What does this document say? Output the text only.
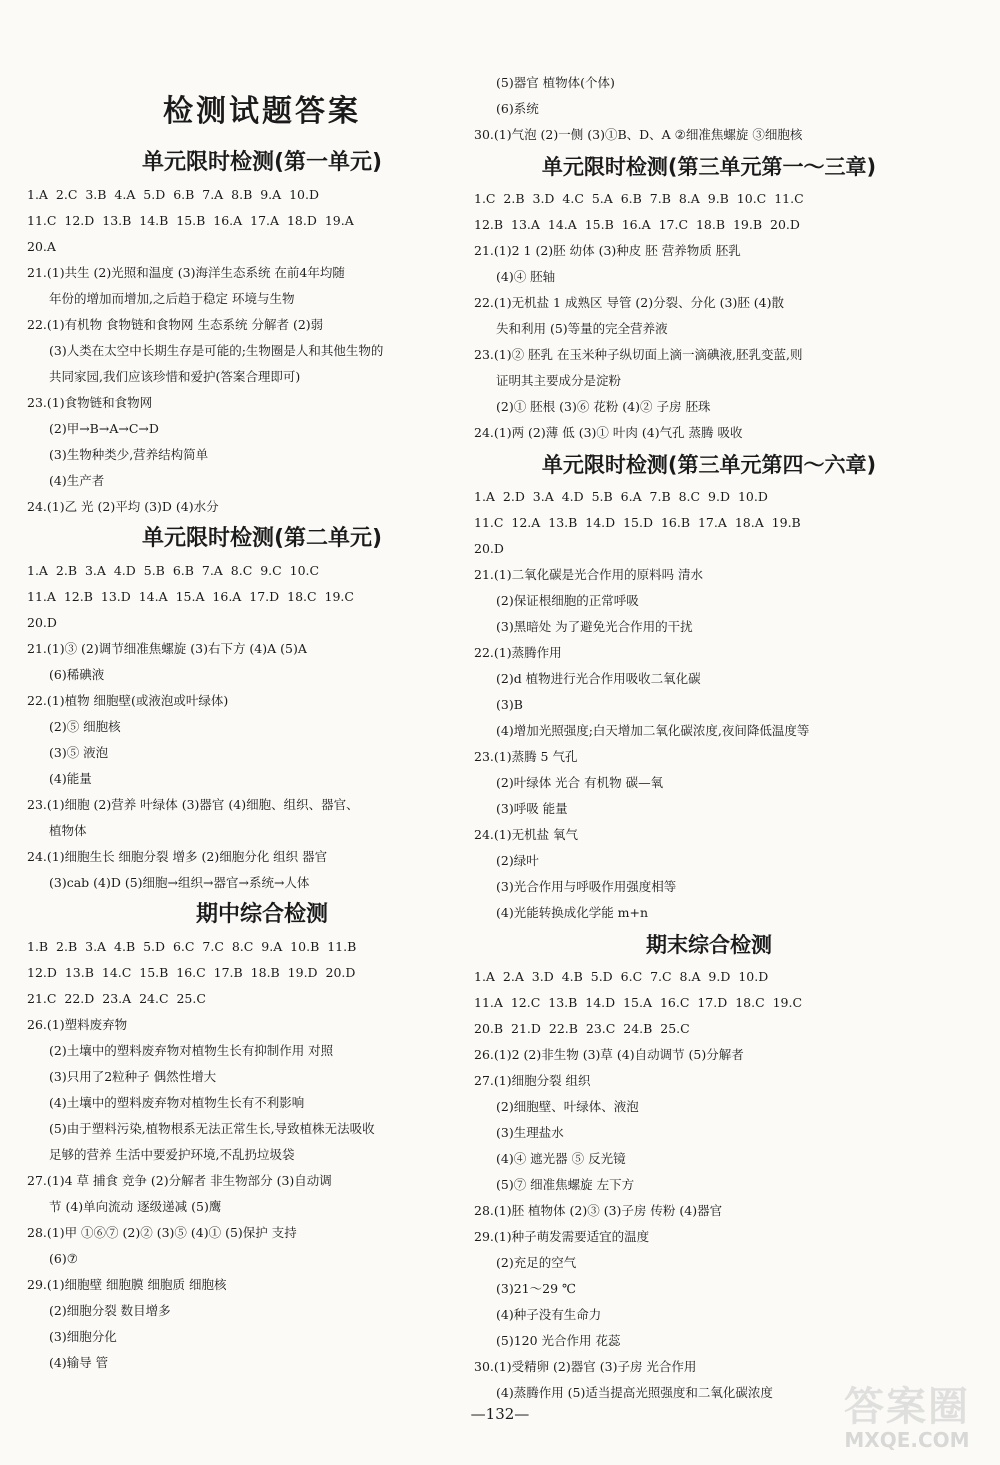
检测试题答案
单元限时检测(第一单元)
1.A  2.C  3.B  4.A  5.D  6.B  7.A  8.B  9.A  10.D
11.C  12.D  13.B  14.B  15.B  16.A  17.A  18.D  19.A
20.A
21.(1)共生 (2)光照和温度 (3)海洋生态系统 在前4年均随
年份的增加而增加,之后趋于稳定 环境与生物
22.(1)有机物 食物链和食物网 生态系统 分解者 (2)弱
(3)人类在太空中长期生存是可能的;生物圈是人和其他生物的
共同家园,我们应该珍惜和爱护(答案合理即可)
23.(1)食物链和食物网
(2)甲→B→A→C→D
(3)生物种类少,营养结构简单
(4)生产者
24.(1)乙 光 (2)平均 (3)D (4)水分
单元限时检测(第二单元)
1.A  2.B  3.A  4.D  5.B  6.B  7.A  8.C  9.C  10.C
11.A  12.B  13.D  14.A  15.A  16.A  17.D  18.C  19.C
20.D
21.(1)③ (2)调节细准焦螺旋 (3)右下方 (4)A (5)A
(6)稀碘液
22.(1)植物 细胞壁(或液泡或叶绿体)
(2)⑤ 细胞核
(3)⑤ 液泡
(4)能量
23.(1)细胞 (2)营养 叶绿体 (3)器官 (4)细胞、组织、器官、
植物体
24.(1)细胞生长 细胞分裂 增多 (2)细胞分化 组织 器官
(3)cab (4)D (5)细胞→组织→器官→系统→人体
期中综合检测
1.B  2.B  3.A  4.B  5.D  6.C  7.C  8.C  9.A  10.B  11.B
12.D  13.B  14.C  15.B  16.C  17.B  18.B  19.D  20.D
21.C  22.D  23.A  24.C  25.C
26.(1)塑料废弃物
(2)土壤中的塑料废弃物对植物生长有抑制作用 对照
(3)只用了2粒种子 偶然性增大
(4)土壤中的塑料废弃物对植物生长有不利影响
(5)由于塑料污染,植物根系无法正常生长,导致植株无法吸收
足够的营养 生活中要爱护环境,不乱扔垃圾袋
27.(1)4 草 捕食 竞争 (2)分解者 非生物部分 (3)自动调
节 (4)单向流动 逐级递减 (5)鹰
28.(1)甲 ①⑥⑦ (2)② (3)⑤ (4)① (5)保护 支持
(6)⑦
29.(1)细胞壁 细胞膜 细胞质 细胞核
(2)细胞分裂 数目增多
(3)细胞分化
(4)输导 管
(5)器官 植物体(个体)
(6)系统
30.(1)气泡 (2)一侧 (3)①B、D、A ②细准焦螺旋 ③细胞核
单元限时检测(第三单元第一～三章)
1.C  2.B  3.D  4.C  5.A  6.B  7.B  8.A  9.B  10.C  11.C
12.B  13.A  14.A  15.B  16.A  17.C  18.B  19.B  20.D
21.(1)2 1 (2)胚 幼体 (3)种皮 胚 营养物质 胚乳
(4)④ 胚轴
22.(1)无机盐 1 成熟区 导管 (2)分裂、分化 (3)胚 (4)散
失和利用 (5)等量的完全营养液
23.(1)② 胚乳 在玉米种子纵切面上滴一滴碘液,胚乳变蓝,则
证明其主要成分是淀粉
(2)① 胚根 (3)⑥ 花粉 (4)② 子房 胚珠
24.(1)两 (2)薄 低 (3)① 叶肉 (4)气孔 蒸腾 吸收
单元限时检测(第三单元第四～六章)
1.A  2.D  3.A  4.D  5.B  6.A  7.B  8.C  9.D  10.D
11.C  12.A  13.B  14.D  15.D  16.B  17.A  18.A  19.B
20.D
21.(1)二氧化碳是光合作用的原料吗 清水
(2)保证根细胞的正常呼吸
(3)黑暗处 为了避免光合作用的干扰
22.(1)蒸腾作用
(2)d 植物进行光合作用吸收二氧化碳
(3)B
(4)增加光照强度;白天增加二氧化碳浓度,夜间降低温度等
23.(1)蒸腾 5 气孔
(2)叶绿体 光合 有机物 碳—氧
(3)呼吸 能量
24.(1)无机盐 氧气
(2)绿叶
(3)光合作用与呼吸作用强度相等
(4)光能转换成化学能 m+n
期末综合检测
1.A  2.A  3.D  4.B  5.D  6.C  7.C  8.A  9.D  10.D
11.A  12.C  13.B  14.D  15.A  16.C  17.D  18.C  19.C
20.B  21.D  22.B  23.C  24.B  25.C
26.(1)2 (2)非生物 (3)草 (4)自动调节 (5)分解者
27.(1)细胞分裂 组织
(2)细胞壁、叶绿体、液泡
(3)生理盐水
(4)④ 遮光器 ⑤ 反光镜
(5)⑦ 细准焦螺旋 左下方
28.(1)胚 植物体 (2)③ (3)子房 传粉 (4)器官
29.(1)种子萌发需要适宜的温度
(2)充足的空气
(3)21～29 ℃
(4)种子没有生命力
(5)120 光合作用 花蕊
30.(1)受精卵 (2)器官 (3)子房 光合作用
(4)蒸腾作用 (5)适当提高光照强度和二氧化碳浓度
—132—	答案圈
MXQE.COM
